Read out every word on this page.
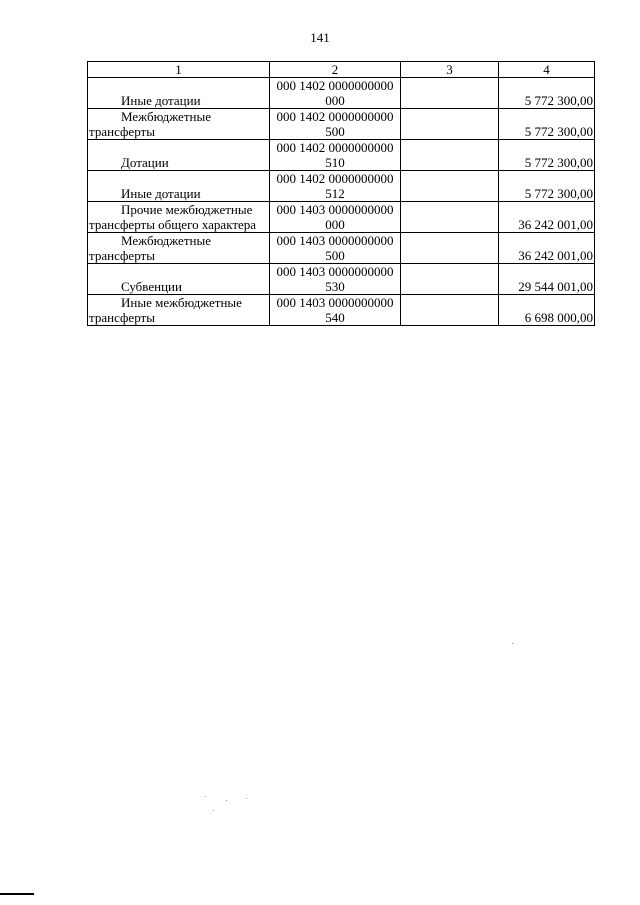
141
1	2	3	4

Иные дотации	000 1402 0000000000
000		5 772 300,00

Межбюджетные
трансферты	000 1402 0000000000
500		5 772 300,00

Дотации	000 1402 0000000000
510		5 772 300,00

Иные дотации	000 1402 0000000000
512		5 772 300,00

Прочие межбюджетные
трансферты общего характера	000 1403 0000000000
000		36 242 001,00

Межбюджетные
трансферты	000 1403 0000000000
500		36 242 001,00

Субвенции	000 1403 0000000000
530		29 544 001,00

Иные межбюджетные
трансферты	000 1403 0000000000
540		6 698 000,00
